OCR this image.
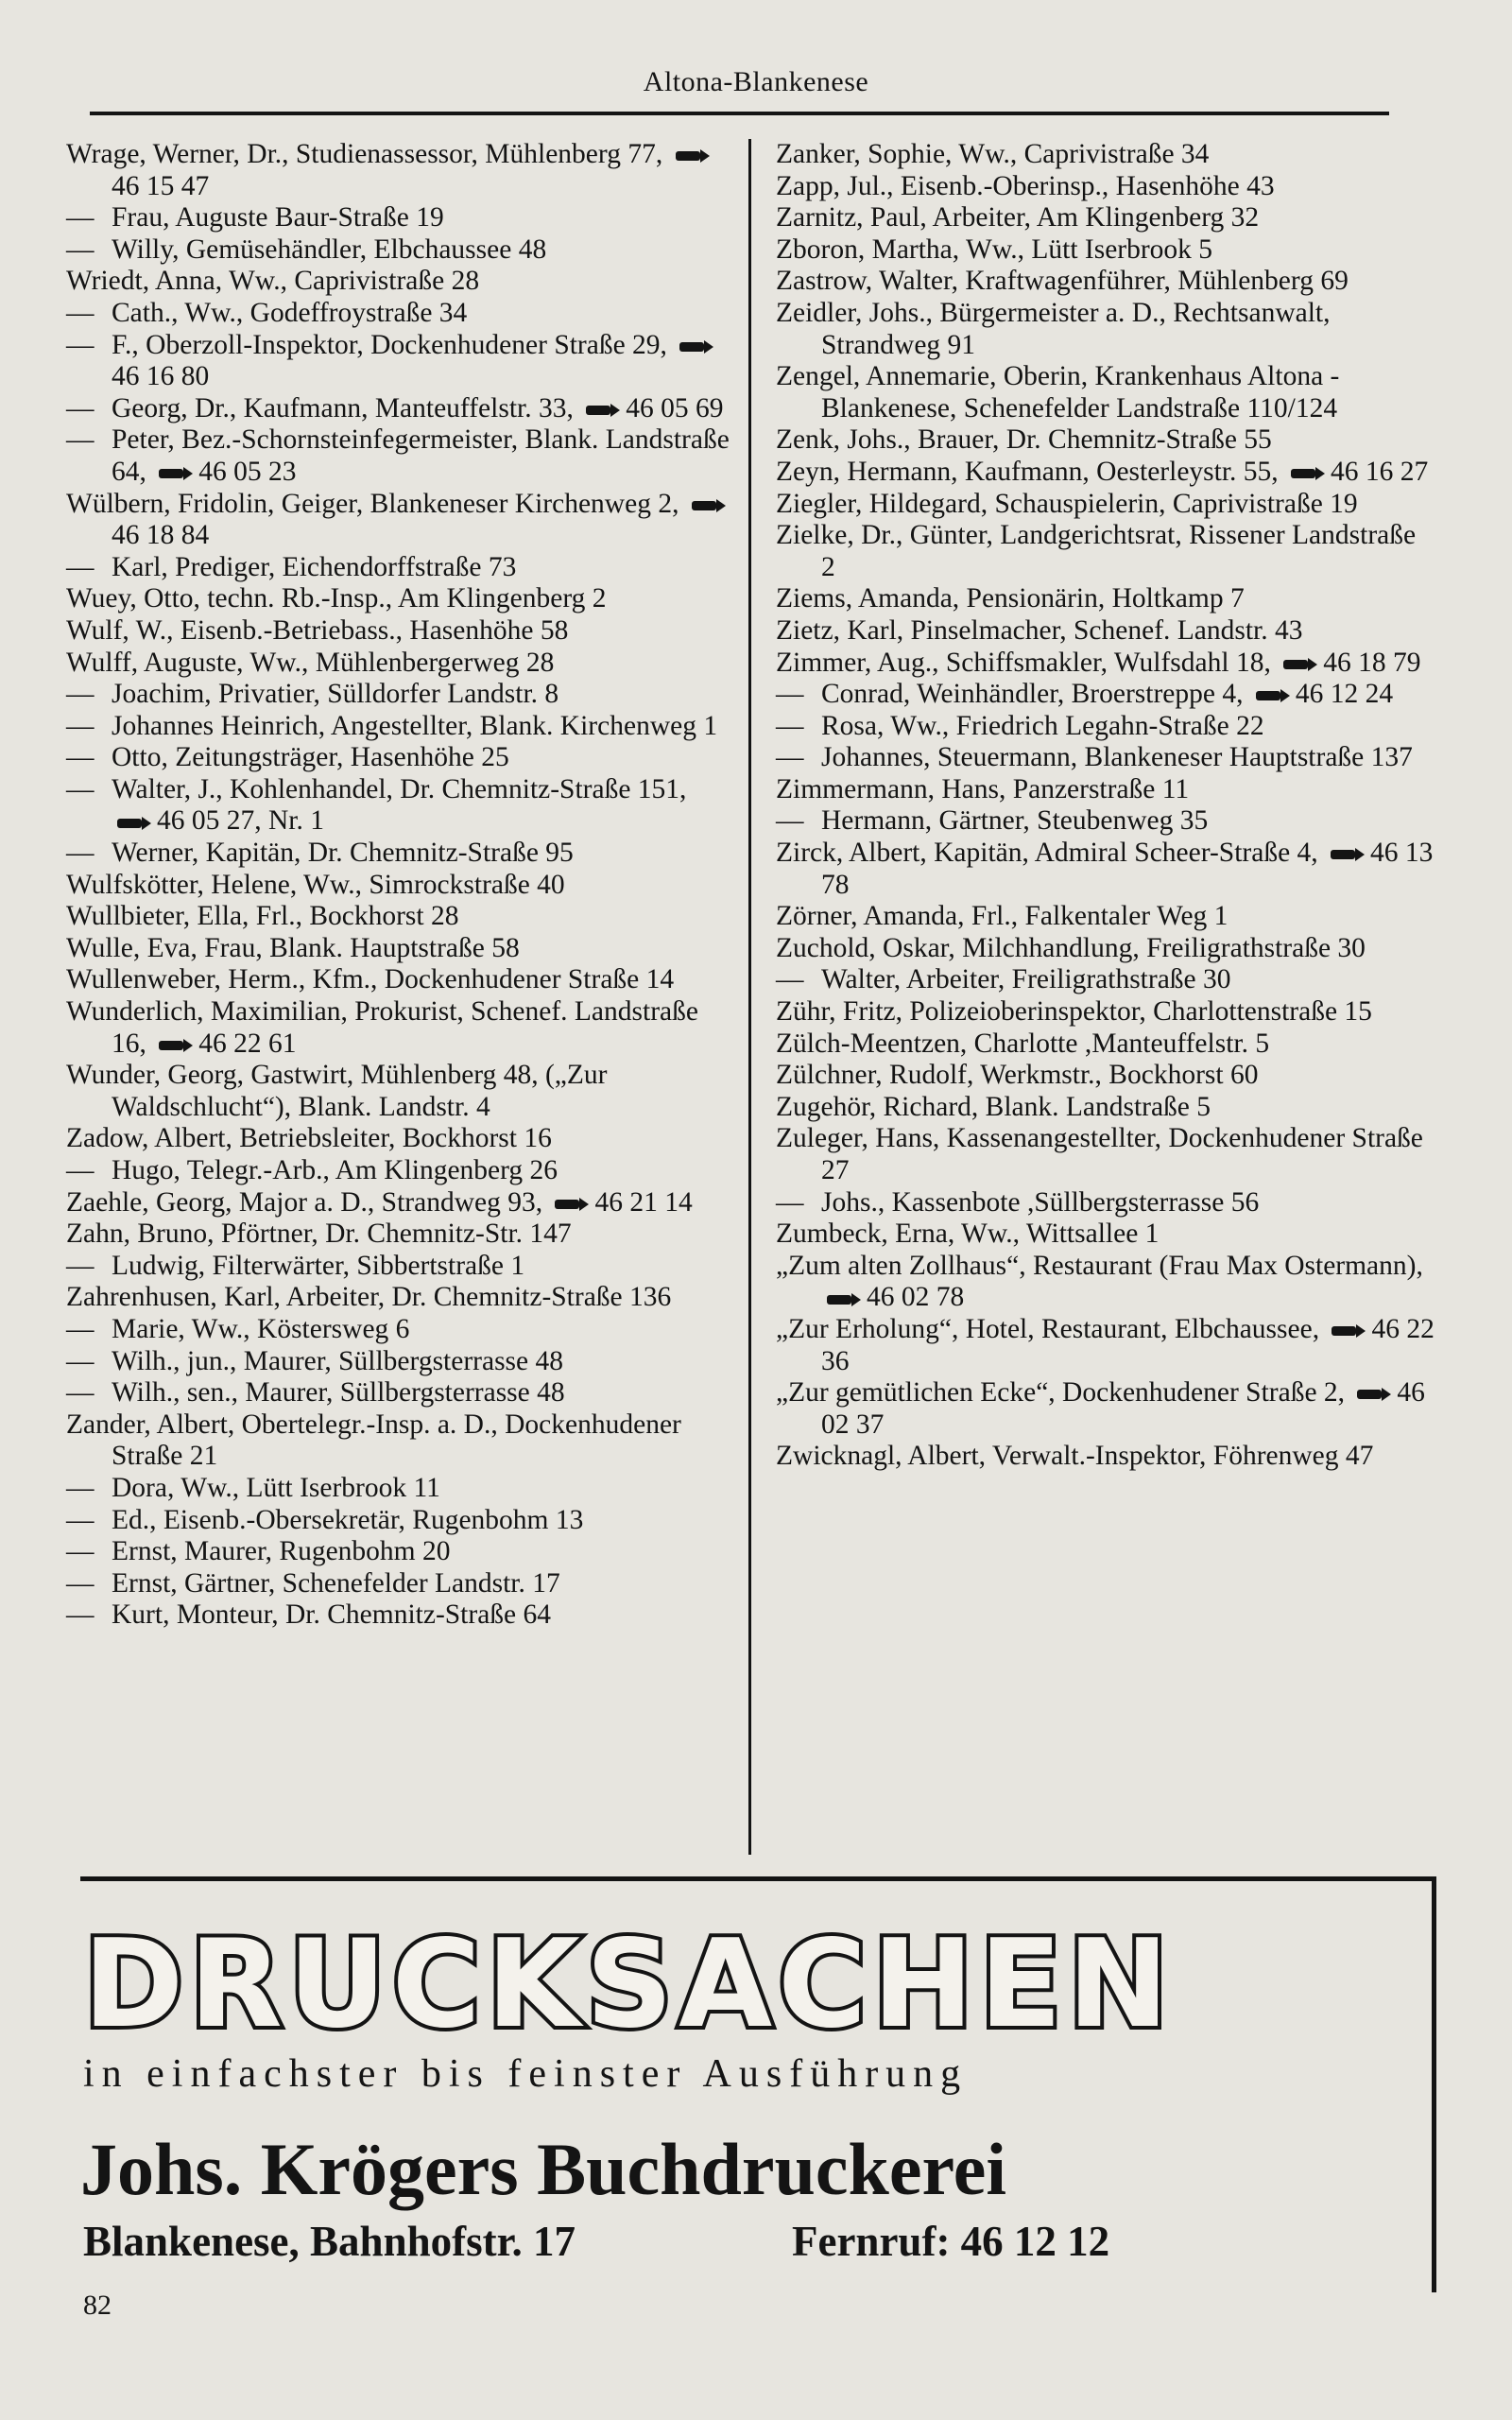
Altona-Blankenese
Wrage, Werner, Dr., Studienassessor, Mühlenberg 77, 46 15 47
— Frau, Auguste Baur-Straße 19
— Willy, Gemüsehändler, Elbchaussee 48
Wriedt, Anna, Ww., Caprivistraße 28
— Cath., Ww., Godeffroystraße 34
— F., Oberzoll-Inspektor, Dockenhudener Straße 29, 46 16 80
— Georg, Dr., Kaufmann, Manteuffelstr. 33, 46 05 69
— Peter, Bez.-Schornsteinfegermeister, Blank. Landstraße 64, 46 05 23
Wülbern, Fridolin, Geiger, Blankeneser Kirchenweg 2, 46 18 84
— Karl, Prediger, Eichendorffstraße 73
Wuey, Otto, techn. Rb.-Insp., Am Klingenberg 2
Wulf, W., Eisenb.-Betriebass., Hasenhöhe 58
Wulff, Auguste, Ww., Mühlenbergerweg 28
— Joachim, Privatier, Sülldorfer Landstr. 8
— Johannes Heinrich, Angestellter, Blank. Kirchenweg 1
— Otto, Zeitungsträger, Hasenhöhe 25
— Walter, J., Kohlenhandel, Dr. Chemnitz-Straße 151, 46 05 27, Nr. 1
— Werner, Kapitän, Dr. Chemnitz-Straße 95
Wulfskötter, Helene, Ww., Simrockstraße 40
Wullbieter, Ella, Frl., Bockhorst 28
Wulle, Eva, Frau, Blank. Hauptstraße 58
Wullenweber, Herm., Kfm., Dockenhudener Straße 14
Wunderlich, Maximilian, Prokurist, Schenef. Landstraße 16, 46 22 61
Wunder, Georg, Gastwirt, Mühlenberg 48, („Zur Waldschlucht“), Blank. Landstr. 4
Zadow, Albert, Betriebsleiter, Bockhorst 16
— Hugo, Telegr.-Arb., Am Klingenberg 26
Zaehle, Georg, Major a. D., Strandweg 93, 46 21 14
Zahn, Bruno, Pförtner, Dr. Chemnitz-Str. 147
— Ludwig, Filterwärter, Sibbertstraße 1
Zahrenhusen, Karl, Arbeiter, Dr. Chemnitz-Straße 136
— Marie, Ww., Köstersweg 6
— Wilh., jun., Maurer, Süllbergsterrasse 48
— Wilh., sen., Maurer, Süllbergsterrasse 48
Zander, Albert, Obertelegr.-Insp. a. D., Dockenhudener Straße 21
— Dora, Ww., Lütt Iserbrook 11
— Ed., Eisenb.-Obersekretär, Rugenbohm 13
— Ernst, Maurer, Rugenbohm 20
— Ernst, Gärtner, Schenefelder Landstr. 17
— Kurt, Monteur, Dr. Chemnitz-Straße 64
Zanker, Sophie, Ww., Caprivistraße 34
Zapp, Jul., Eisenb.-Oberinsp., Hasenhöhe 43
Zarnitz, Paul, Arbeiter, Am Klingenberg 32
Zboron, Martha, Ww., Lütt Iserbrook 5
Zastrow, Walter, Kraftwagenführer, Mühlenberg 69
Zeidler, Johs., Bürgermeister a. D., Rechtsanwalt, Strandweg 91
Zengel, Annemarie, Oberin, Krankenhaus Altona - Blankenese, Schenefelder Landstraße 110/124
Zenk, Johs., Brauer, Dr. Chemnitz-Straße 55
Zeyn, Hermann, Kaufmann, Oesterleystr. 55, 46 16 27
Ziegler, Hildegard, Schauspielerin, Caprivistraße 19
Zielke, Dr., Günter, Landgerichtsrat, Rissener Landstraße 2
Ziems, Amanda, Pensionärin, Holtkamp 7
Zietz, Karl, Pinselmacher, Schenef. Landstr. 43
Zimmer, Aug., Schiffsmakler, Wulfsdahl 18, 46 18 79
— Conrad, Weinhändler, Broerstreppe 4, 46 12 24
— Rosa, Ww., Friedrich Legahn-Straße 22
— Johannes, Steuermann, Blankeneser Hauptstraße 137
Zimmermann, Hans, Panzerstraße 11
— Hermann, Gärtner, Steubenweg 35
Zirck, Albert, Kapitän, Admiral Scheer-Straße 4, 46 13 78
Zörner, Amanda, Frl., Falkentaler Weg 1
Zuchold, Oskar, Milchhandlung, Freiligrathstraße 30
— Walter, Arbeiter, Freiligrathstraße 30
Zühr, Fritz, Polizeioberinspektor, Charlottenstraße 15
Zülch-Meentzen, Charlotte ,Manteuffelstr. 5
Zülchner, Rudolf, Werkmstr., Bockhorst 60
Zugehör, Richard, Blank. Landstraße 5
Zuleger, Hans, Kassenangestellter, Dockenhudener Straße 27
— Johs., Kassenbote ,Süllbergsterrasse 56
Zumbeck, Erna, Ww., Wittsallee 1
„Zum alten Zollhaus“, Restaurant (Frau Max Ostermann), 46 02 78
„Zur Erholung“, Hotel, Restaurant, Elbchaussee, 46 22 36
„Zur gemütlichen Ecke“, Dockenhudener Straße 2, 46 02 37
Zwicknagl, Albert, Verwalt.-Inspektor, Föhrenweg 47
DRUCKSACHEN
in einfachster bis feinster Ausführung
Johs. Krögers Buchdruckerei
Blankenese, Bahnhofstr. 17	Fernruf: 46 12 12
82
